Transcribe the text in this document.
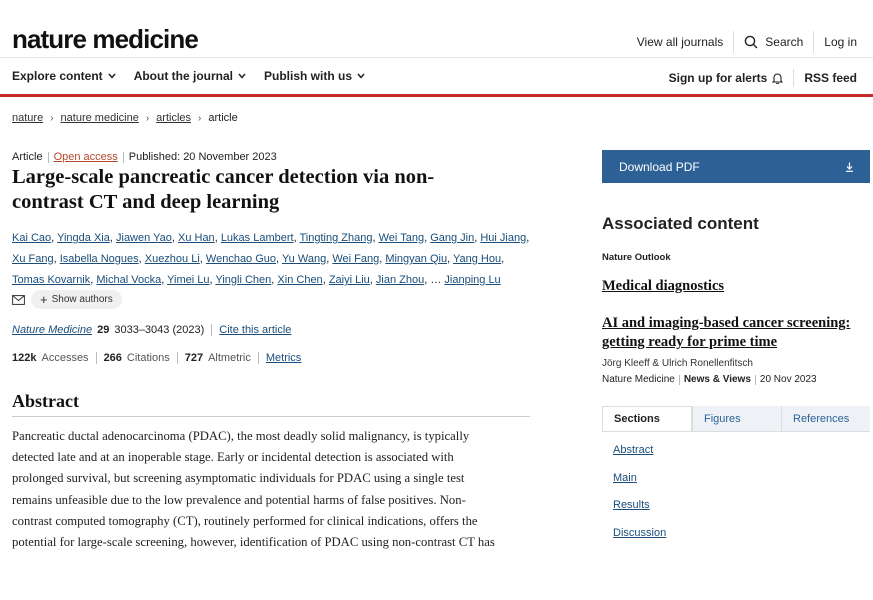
nature medicine	View all journals	Search	Log in
Explore content	About the journal	Publish with us	Sign up for alerts	RSS feed
nature › nature medicine › articles › article
Article Open access Published: 20 November 2023
Large-scale pancreatic cancer detection via non-contrast CT and deep learning
Kai Cao, Yingda Xia, Jiawen Yao, Xu Han, Lukas Lambert, Tingting Zhang, Wei Tang, Gang Jin, Hui Jiang, Xu Fang, Isabella Nogues, Xuezhou Li, Wenchao Guo, Yu Wang, Wei Fang, Mingyan Qiu, Yang Hou, Tomas Kovarnik, Michal Vocka, Yimei Lu, Yingli Chen, Xin Chen, Zaiyi Liu, Jian Zhou, … Jianping Lu
+ Show authors
Nature Medicine 29 3033–3043 (2023) Cite this article
122k Accesses 266 Citations 727 Altmetric Metrics
Abstract
Pancreatic ductal adenocarcinoma (PDAC), the most deadly solid malignancy, is typically
detected late and at an inoperable stage. Early or incidental detection is associated with
prolonged survival, but screening asymptomatic individuals for PDAC using a single test
remains unfeasible due to the low prevalence and potential harms of false positives. Non-
contrast computed tomography (CT), routinely performed for clinical indications, offers the
potential for large-scale screening, however, identification of PDAC using non-contrast CT has
Download PDF
Associated content
Nature Outlook
Medical diagnostics
AI and imaging-based cancer screening: getting ready for prime time
Jörg Kleeff & Ulrich Ronellenfitsch
Nature Medicine News & Views 20 Nov 2023
Sections	Figures	References
Abstract
Main
Results
Discussion
